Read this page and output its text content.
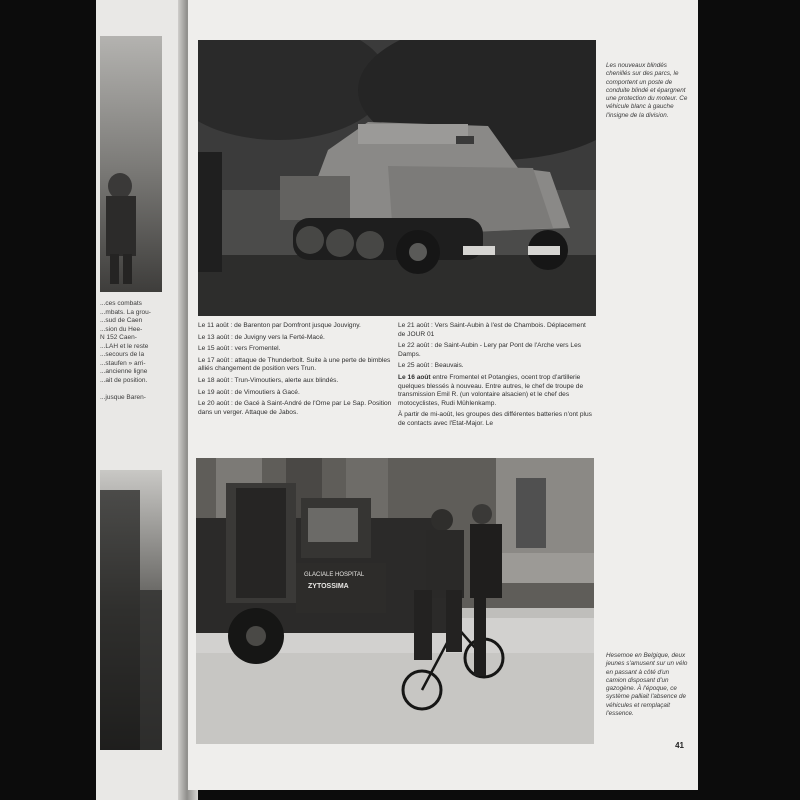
...ces combats
...mbats. La grou-
...sud de Caen
...sion du Hee-
N 152 Caen-
...LAH et le reste
...secours de la
...staufen » arri-
...ancienne ligne
...ait de position.

...jusque Baren-
Les nouveaux blindés chenillés sur des parcs, le comportent un poste de conduite blindé et épargnent une protection du moteur. Ce véhicule blanc à gauche l'insigne de la division.

Le 11 août : de Barenton par Domfront jusque Jouvigny.

Le 13 août : de Juvigny vers la Ferté-Macé.

Le 15 août : vers Fromentel.

Le 17 août : attaque de Thunderbolt. Suite à une perte de bimbles alliés changement de position vers Trun.

Le 18 août : Trun-Vimoutiers, alerte aux blindés.

Le 19 août : de Vimoutiers à Gacé.

Le 20 août : de Gacé à Saint-André de l'Orne par Le Sap. Position dans un verger. Attaque de Jabos.

Le 21 août : Vers Saint-Aubin à l'est de Chambois. Déplacement de JOUR 01

Le 22 août : de Saint-Aubin - Lery par Pont de l'Arche vers Les Damps.

Le 25 août : Beauvais.

Le 16 août entre Fromentel et Potangies, ocent trop d'artillerie quelques blessés à nouveau. Entre autres, le chef de troupe de transmission Emil R. (un volontaire alsacien) et le chef des motocyclistes, Rudi Mühlenkamp.

À partir de mi-août, les groupes des différentes batteries n'ont plus de contacts avec l'Etat-Major. Le

GLACIALE HOSPITAL
ZYTOSSIMA
Hesemoe en Belgique, deux jeunes s'amusent sur un vélo en passant à côté d'un camion disposant d'un gazogène. À l'époque, ce système palliait l'absence de véhicules et remplaçait l'essence.
41
